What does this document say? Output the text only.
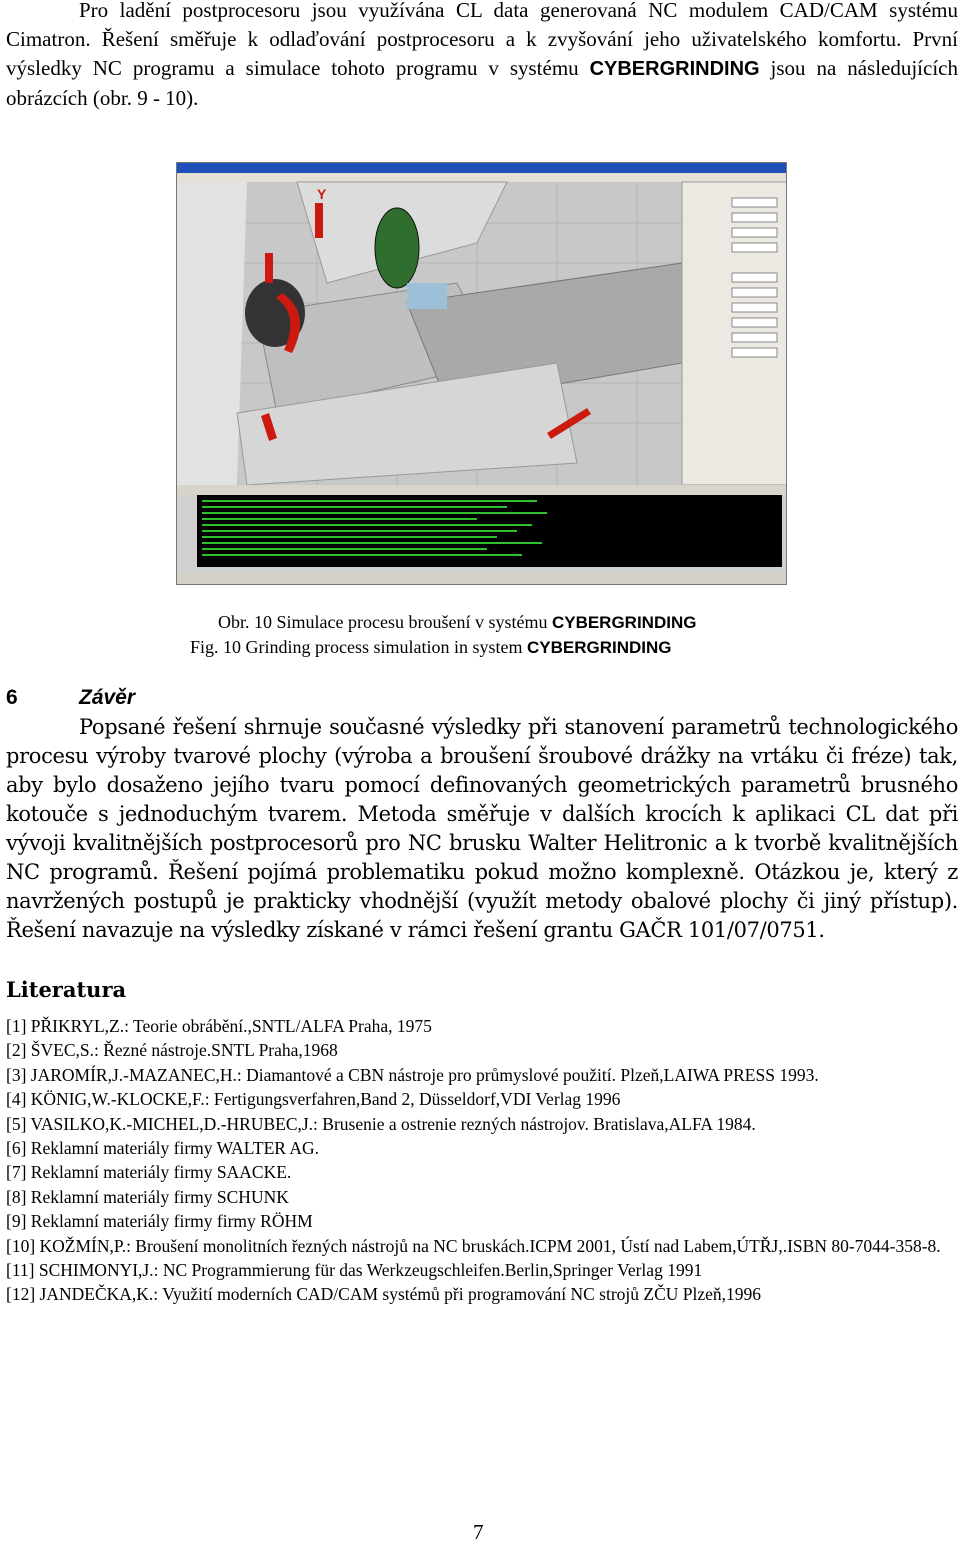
Pro ladění postprocesoru jsou využívána CL data generovaná NC modulem CAD/CAM systému Cimatron. Řešení směřuje k odlaďování postprocesoru a k zvyšování jeho uživatelského komfortu. První výsledky NC programu a simulace tohoto programu v systému CYBERGRINDING jsou na následujících obrázcích (obr. 9 - 10).

Y
Obr. 10 Simulace procesu broušení v systému CYBERGRINDING
Fig. 10 Grinding process simulation in system CYBERGRINDING
6	Závěr

Popsané řešení shrnuje současné výsledky při stanovení parametrů technologického procesu výroby tvarové plochy (výroba a broušení šroubové drážky na vrtáku či fréze) tak, aby bylo dosaženo jejího tvaru pomocí definovaných geometrických parametrů brusného kotouče s jednoduchým tvarem. Metoda směřuje v dalších krocích k aplikaci CL dat při vývoji kvalitnějších postprocesorů pro NC brusku Walter Helitronic a k tvorbě kvalitnějších NC programů. Řešení pojímá problematiku pokud možno komplexně. Otázkou je, který z navržených postupů je prakticky vhodnější (využít metody obalové plochy či jiný přístup). Řešení navazuje na výsledky získané v rámci řešení grantu GAČR 101/07/0751.

Literatura

[1] PŘIKRYL,Z.: Teorie obrábění.,SNTL/ALFA Praha, 1975

[2] ŠVEC,S.: Řezné nástroje.SNTL Praha,1968

[3] JAROMÍR,J.-MAZANEC,H.: Diamantové a CBN nástroje pro průmyslové použití. Plzeň,LAIWA PRESS 1993.

[4] KÖNIG,W.-KLOCKE,F.: Fertigungsverfahren,Band 2, Düsseldorf,VDI Verlag 1996

[5] VASILKO,K.-MICHEL,D.-HRUBEC,J.: Brusenie a ostrenie rezných nástrojov. Bratislava,ALFA 1984.

[6] Reklamní materiály firmy WALTER AG.

[7] Reklamní materiály firmy SAACKE.

[8] Reklamní materiály firmy SCHUNK

[9] Reklamní materiály firmy firmy RÖHM

[10] KOŽMÍN,P.: Broušení monolitních řezných nástrojů na NC bruskách.ICPM 2001, Ústí nad Labem,ÚTŘJ,.ISBN 80-7044-358-8.

[11] SCHIMONYI,J.: NC Programmierung für das Werkzeugschleifen.Berlin,Springer Verlag 1991

[12] JANDEČKA,K.: Využití moderních CAD/CAM systémů při programování NC strojů ZČU Plzeň,1996

7
